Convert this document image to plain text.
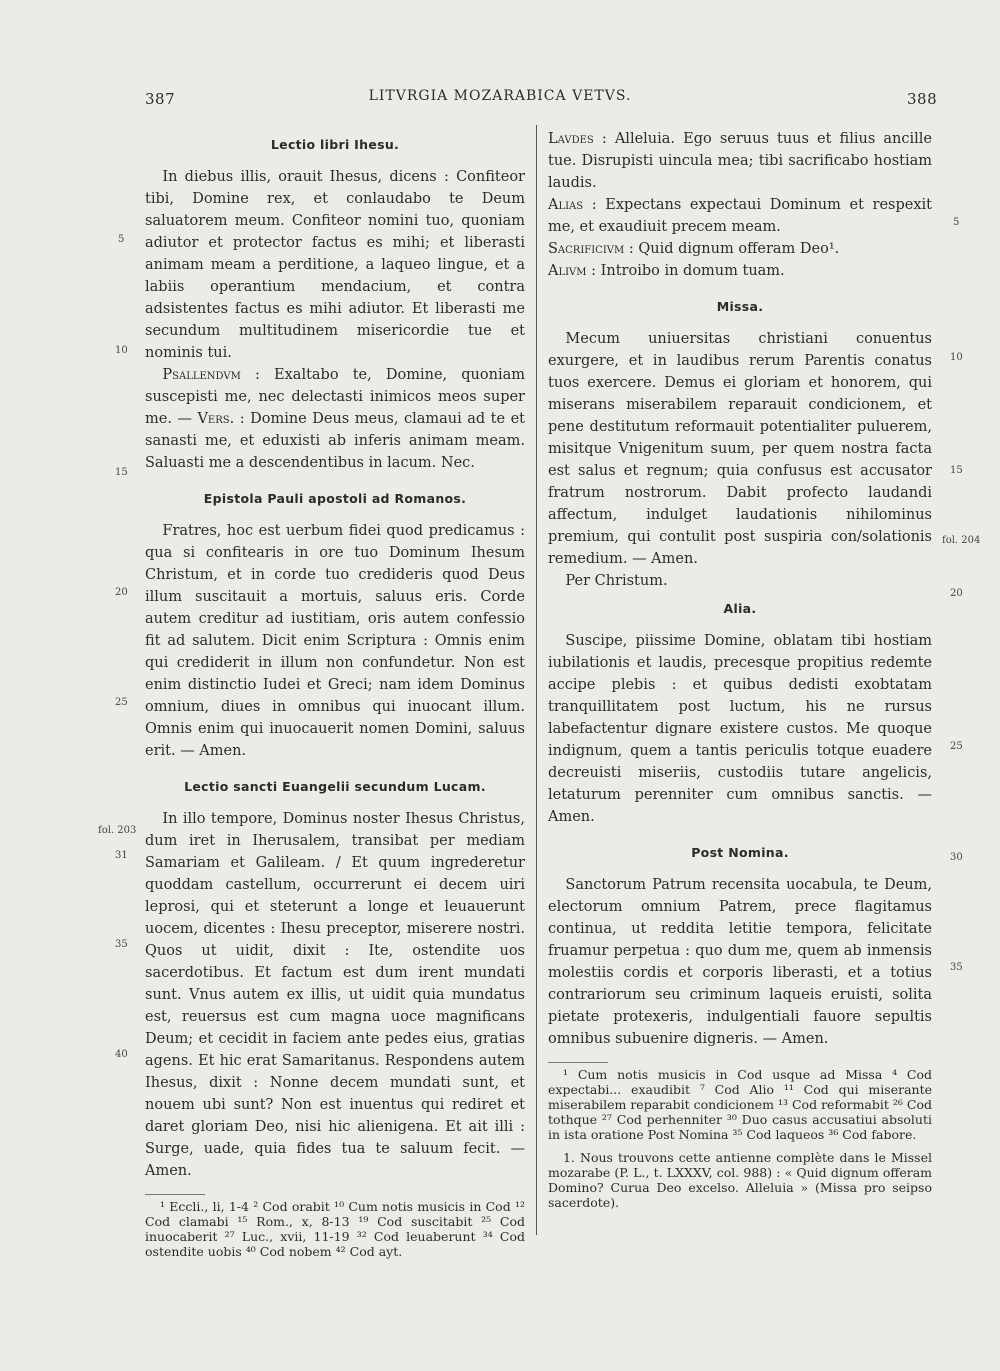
387	LITVRGIA MOZARABICA VETVS.	388
5
10
15
20
25
fol. 203
31
35
40
5
10
15
fol. 204
20
25
30
35
Lectio libri Ihesu.

In diebus illis, orauit Ihesus, dicens : Confiteor tibi, Domine rex, et conlaudabo te Deum saluatorem meum. Confiteor nomini tuo, quoniam adiutor et protector factus es mihi; et liberasti animam meam a perditione, a laqueo lingue, et a labiis operantium mendacium, et contra adsistentes factus es mihi adiutor. Et liberasti me secundum multitudinem misericordie tue et nominis tui.

Psallendvm : Exaltabo te, Domine, quoniam suscepisti me, nec delectasti inimicos meos super me. — Vers. : Domine Deus meus, clamaui ad te et sanasti me, et eduxisti ab inferis animam meam. Saluasti me a descendentibus in lacum. Nec.

Epistola Pauli apostoli ad Romanos.

Fratres, hoc est uerbum fidei quod predicamus : qua si confitearis in ore tuo Dominum Ihesum Christum, et in corde tuo credideris quod Deus illum suscitauit a mortuis, saluus eris. Corde autem creditur ad iustitiam, oris autem confessio fit ad salutem. Dicit enim Scriptura : Omnis enim qui crediderit in illum non confundetur. Non est enim distinctio Iudei et Greci; nam idem Dominus omnium, diues in omnibus qui inuocant illum. Omnis enim qui inuocauerit nomen Domini, saluus erit. — Amen.

Lectio sancti Euangelii secundum Lucam.

In illo tempore, Dominus noster Ihesus Christus, dum iret in Iherusalem, transibat per mediam Samariam et Galileam. / Et quum ingrederetur quoddam castellum, occurrerunt ei decem uiri leprosi, qui et steterunt a longe et leuauerunt uocem, dicentes : Ihesu preceptor, miserere nostri. Quos ut uidit, dixit : Ite, ostendite uos sacerdotibus. Et factum est dum irent mundati sunt. Vnus autem ex illis, ut uidit quia mundatus est, reuersus est cum magna uoce magnificans Deum; et cecidit in faciem ante pedes eius, gratias agens. Et hic erat Samaritanus. Respondens autem Ihesus, dixit : Nonne decem mundati sunt, et nouem ubi sunt? Non est inuentus qui rediret et daret gloriam Deo, nisi hic alienigena. Et ait illi : Surge, uade, quia fides tua te saluum fecit. — Amen.

¹ Eccli., li, 1-4 ² Cod orabit ¹⁰ Cum notis musicis in Cod ¹² Cod clamabi ¹⁵ Rom., x, 8-13 ¹⁹ Cod suscitabit ²⁵ Cod inuocaberit ²⁷ Luc., xvii, 11-19 ³² Cod leuaberunt ³⁴ Cod ostendite uobis ⁴⁰ Cod nobem ⁴² Cod ayt.

Lavdes : Alleluia. Ego seruus tuus et filius ancille tue. Disrupisti uincula mea; tibi sacrificabo hostiam laudis.

Alias : Expectans expectaui Dominum et respexit me, et exaudiuit precem meam.

Sacrificivm : Quid dignum offeram Deo¹.

Alivm : Introibo in domum tuam.

Missa.

Mecum uniuersitas christiani conuentus exurgere, et in laudibus rerum Parentis conatus tuos exercere. Demus ei gloriam et honorem, qui miserans miserabilem reparauit condicionem, et pene destitutum reformauit potentialiter puluerem, misitque Vnigenitum suum, per quem nostra facta est salus et regnum; quia confusus est accusator fratrum nostrorum. Dabit profecto laudandi affectum, indulget laudationis nihilominus premium, qui contulit post suspiria con/solationis remedium. — Amen.

Per Christum.

Alia.

Suscipe, piissime Domine, oblatam tibi hostiam iubilationis et laudis, precesque propitius redemte accipe plebis : et quibus dedisti exobtatam tranquillitatem post luctum, his ne rursus labefactentur dignare existere custos. Me quoque indignum, quem a tantis periculis totque euadere decreuisti miseriis, custodiis tutare angelicis, letaturum perenniter cum omnibus sanctis. — Amen.

Post Nomina.

Sanctorum Patrum recensita uocabula, te Deum, electorum omnium Patrem, prece flagitamus continua, ut reddita letitie tempora, felicitate fruamur perpetua : quo dum me, quem ab inmensis molestiis cordis et corporis liberasti, et a totius contrariorum seu criminum laqueis eruisti, solita pietate protexeris, indulgentiali fauore sepultis omnibus subuenire digneris. — Amen.

¹ Cum notis musicis in Cod usque ad Missa ⁴ Cod expectabi... exaudibit ⁷ Cod Alio ¹¹ Cod qui miserante miserabilem reparabit condicionem ¹³ Cod reformabit ²⁶ Cod tothque ²⁷ Cod perhenniter ³⁰ Duo casus accusatiui absoluti in ista oratione Post Nomina ³⁵ Cod laqueos ³⁶ Cod fabore.

1. Nous trouvons cette antienne complète dans le Missel mozarabe (P. L., t. LXXXV, col. 988) : « Quid dignum offeram Domino? Curua Deo excelso. Alleluia » (Missa pro seipso sacerdote).
